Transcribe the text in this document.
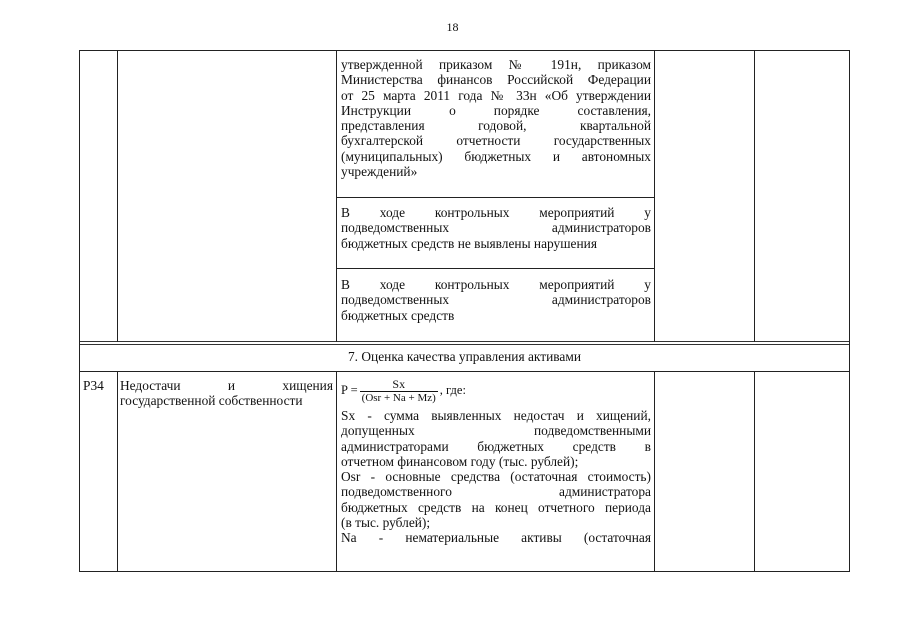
18

утвержденной приказом № 191н, приказом

Министерства финансов Российской Федерации

от 25 марта 2011 года № 33н «Об утверждении

Инструкции о порядке составления,

представления годовой, квартальной

бухгалтерской отчетности государственных

(муниципальных) бюджетных и автономных

учреждений»

В ходе контрольных мероприятий у

подведомственных администраторов

бюджетных средств не выявлены нарушения

В ходе контрольных мероприятий у

подведомственных администраторов

бюджетных средств

7. Оценка качества управления активами
P34	Недостачи и хищения

государственной собственности

$P = \frac{Sx}{\text{(Osr + Na + Mz)}}$ , где:

Sx - сумма выявленных недостач и хищений,

допущенных подведомственными

администраторами бюджетных средств в

отчетном финансовом году (тыс. рублей);

Osr - основные средства (остаточная стоимость)

подведомственного администратора

бюджетных средств на конец отчетного периода

(в тыс. рублей);

Na - нематериальные активы (остаточная
